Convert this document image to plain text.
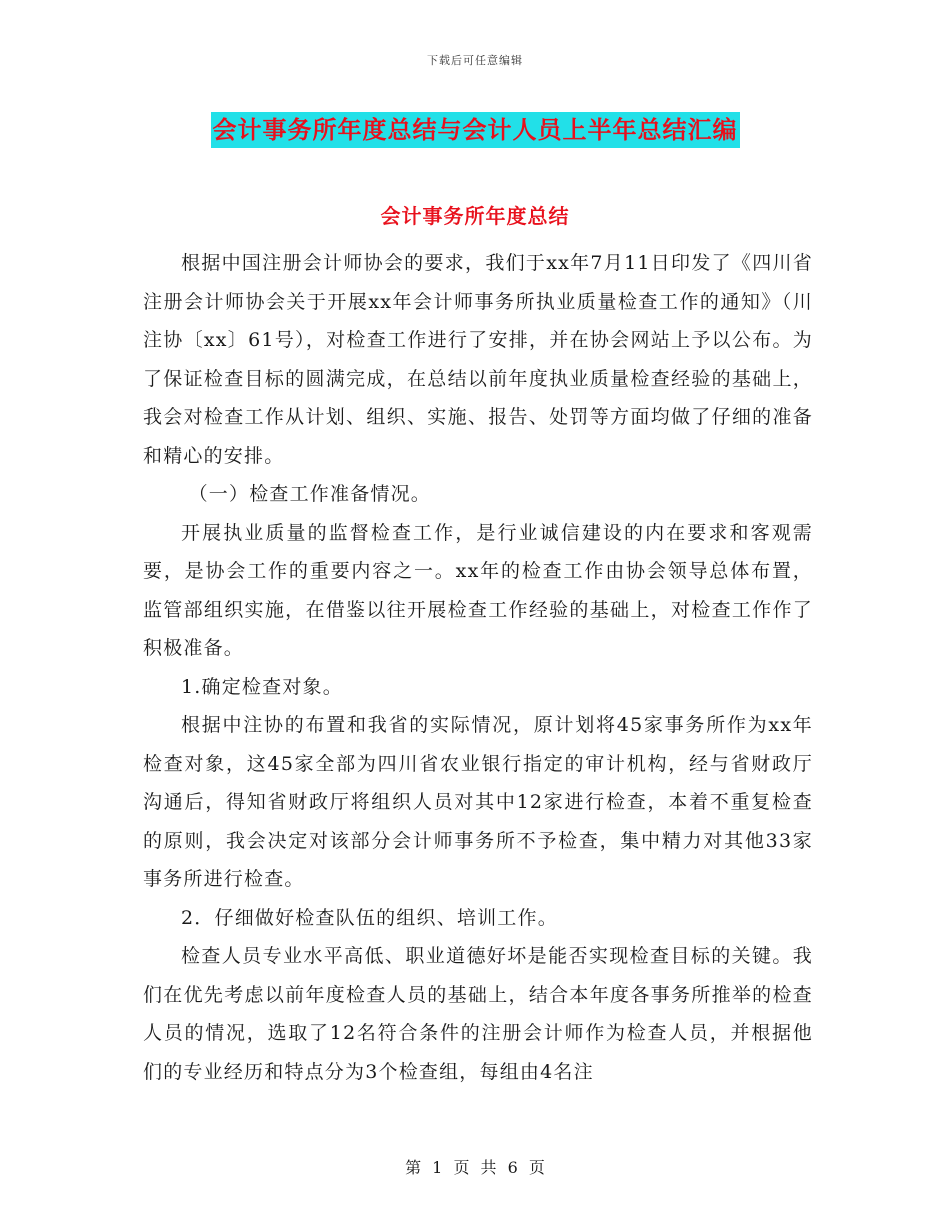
下载后可任意编辑
会计事务所年度总结与会计人员上半年总结汇编
会计事务所年度总结

根据中国注册会计师协会的要求，我们于xx年7月11日印发了《四川省注册会计师协会关于开展xx年会计师事务所执业质量检查工作的通知》（川注协〔xx〕61号），对检查工作进行了安排，并在协会网站上予以公布。为了保证检查目标的圆满完成，在总结以前年度执业质量检查经验的基础上，我会对检查工作从计划、组织、实施、报告、处罚等方面均做了仔细的准备和精心的安排。

（一）检查工作准备情况。

开展执业质量的监督检查工作，是行业诚信建设的内在要求和客观需要，是协会工作的重要内容之一。xx年的检查工作由协会领导总体布置，监管部组织实施，在借鉴以往开展检查工作经验的基础上，对检查工作作了积极准备。

1.确定检查对象。

根据中注协的布置和我省的实际情况，原计划将45家事务所作为xx年检查对象，这45家全部为四川省农业银行指定的审计机构，经与省财政厅沟通后，得知省财政厅将组织人员对其中12家进行检查，本着不重复检查的原则，我会决定对该部分会计师事务所不予检查，集中精力对其他33家事务所进行检查。

2．仔细做好检查队伍的组织、培训工作。

检查人员专业水平高低、职业道德好坏是能否实现检查目标的关键。我们在优先考虑以前年度检查人员的基础上，结合本年度各事务所推举的检查人员的情况，选取了12名符合条件的注册会计师作为检查人员，并根据他们的专业经历和特点分为3个检查组，每组由4名注

第 1 页 共 6 页
